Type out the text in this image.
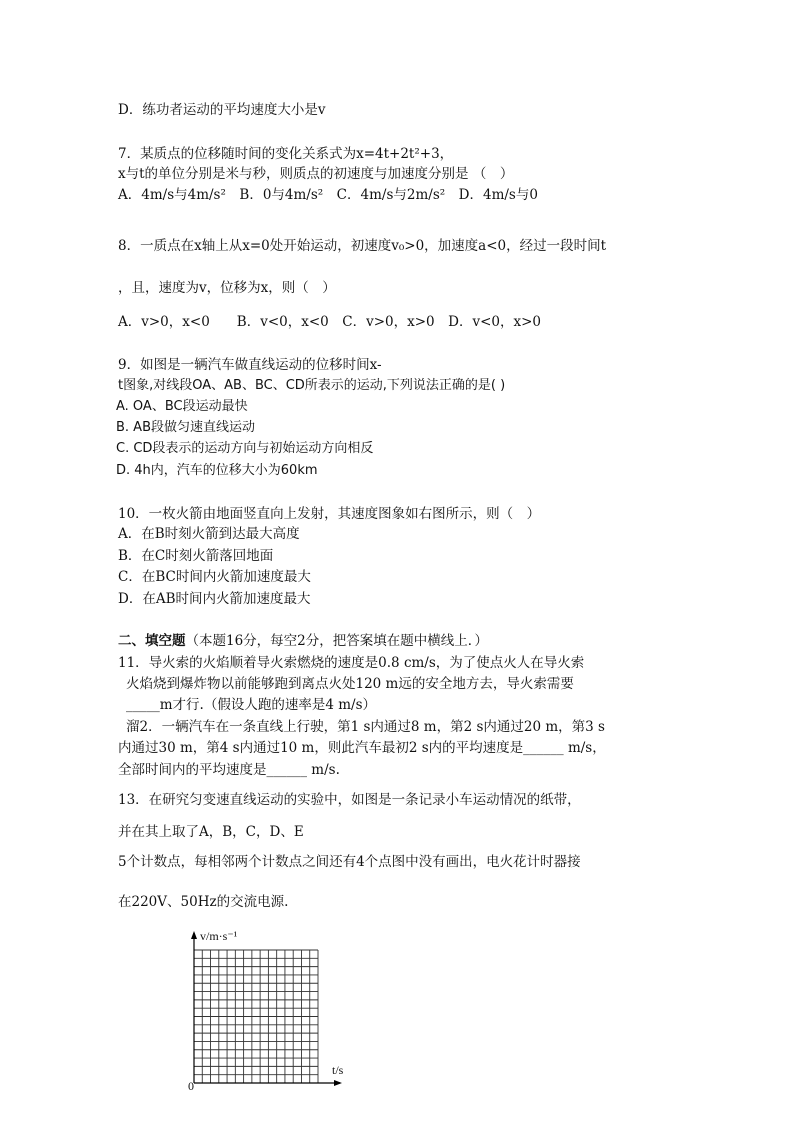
D．练功者运动的平均速度大小是v
7．某质点的位移随时间的变化关系式为x=4t+2t²+3，
x与t的单位分别是米与秒，则质点的初速度与加速度分别是 （　）
A．4m/s与4m/s²　B．0与4m/s²　C．4m/s与2m/s²　D．4m/s与0
8．一质点在x轴上从x=0处开始运动，初速度v₀>0，加速度a<0，经过一段时间t
，且，速度为v，位移为x，则（　）
A．v>0，x<0　　B．v<0，x<0　C．v>0，x>0　D．v<0，x>0
9．如图是一辆汽车做直线运动的位移时间x-
t图象,对线段OA、AB、BC、CD所表示的运动,下列说法正确的是( )
A. OA、BC段运动最快
B. AB段做匀速直线运动
C. CD段表示的运动方向与初始运动方向相反
D. 4h内，汽车的位移大小为60km
10．一枚火箭由地面竖直向上发射，其速度图象如右图所示，则（　）
A．在B时刻火箭到达最大高度
B．在C时刻火箭落回地面
C．在BC时间内火箭加速度最大
D．在AB时间内火箭加速度最大
二、填空题（本题16分，每空2分，把答案填在题中横线上．）
11．导火索的火焰顺着导火索燃烧的速度是0.8 cm/s，为了使点火人在导火索
火焰烧到爆炸物以前能够跑到离点火处120 m远的安全地方去，导火索需要
_____m才行.（假设人跑的速率是4 m/s）
溜2．一辆汽车在一条直线上行驶，第1 s内通过8 m，第2 s内通过20 m，第3 s
内通过30 m，第4 s内通过10 m，则此汽车最初2 s内的平均速度是______ m/s，
全部时间内的平均速度是______ m/s.
13．在研究匀变速直线运动的实验中，如图是一条记录小车运动情况的纸带，
并在其上取了A，B，C，D、E
5个计数点，每相邻两个计数点之间还有4个点图中没有画出，电火花计时器接
在220V、50Hz的交流电源.
v/m·s⁻¹
t/s
0
